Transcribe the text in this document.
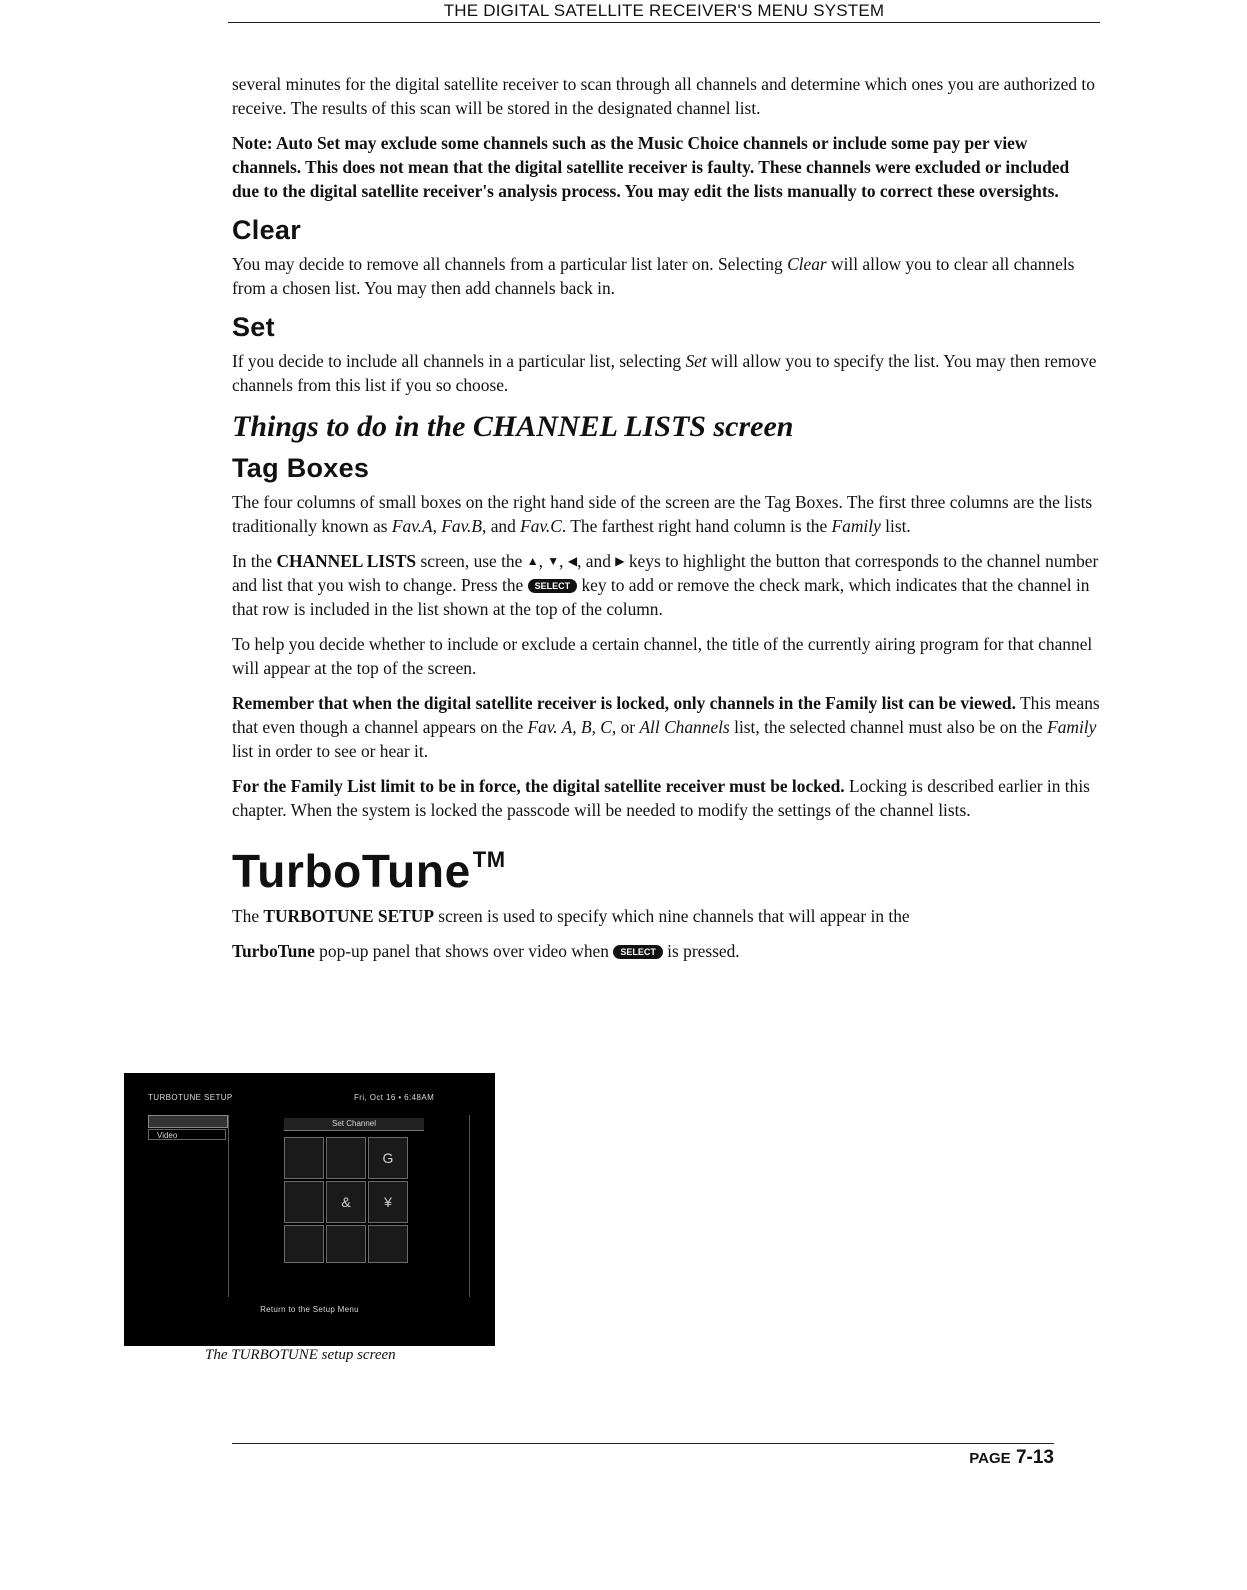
THE DIGITAL SATELLITE RECEIVER'S MENU SYSTEM

several minutes for the digital satellite receiver to scan through all channels and determine which ones you are authorized to receive. The results of this scan will be stored in the designated channel list.

Note: Auto Set may exclude some channels such as the Music Choice channels or include some pay per view channels. This does not mean that the digital satellite receiver is faulty. These channels were excluded or included due to the digital satellite receiver's analysis process. You may edit the lists manually to correct these oversights.

Clear

You may decide to remove all channels from a particular list later on. Selecting Clear will allow you to clear all channels from a chosen list. You may then add channels back in.

Set

If you decide to include all channels in a particular list, selecting Set will allow you to specify the list. You may then remove channels from this list if you so choose.

Things to do in the CHANNEL LISTS screen
Tag Boxes

The four columns of small boxes on the right hand side of the screen are the Tag Boxes. The first three columns are the lists traditionally known as Fav.A, Fav.B, and Fav.C. The farthest right hand column is the Family list.

In the CHANNEL LISTS screen, use the ▲, ▼, ◀, and ▶ keys to highlight the button that corresponds to the channel number and list that you wish to change. Press the SELECT key to add or remove the check mark, which indicates that the channel in that row is included in the list shown at the top of the column.

To help you decide whether to include or exclude a certain channel, the title of the currently airing program for that channel will appear at the top of the screen.

Remember that when the digital satellite receiver is locked, only channels in the Family list can be viewed. This means that even though a channel appears on the Fav. A, B, C, or All Channels list, the selected channel must also be on the Family list in order to see or hear it.

For the Family List limit to be in force, the digital satellite receiver must be locked. Locking is described earlier in this chapter. When the system is locked the passcode will be needed to modify the settings of the channel lists.

TurboTune™

The TURBOTUNE SETUP screen is used to specify which nine channels that will appear in the

TurboTune pop-up panel that shows over video when SELECT is pressed.

TURBOTUNE SETUP	Fri, Oct 16 • 6:48AM
Video
Set Channel
G
&	¥
Return to the Setup Menu
The TURBOTUNE setup screen
PAGE 7-13
